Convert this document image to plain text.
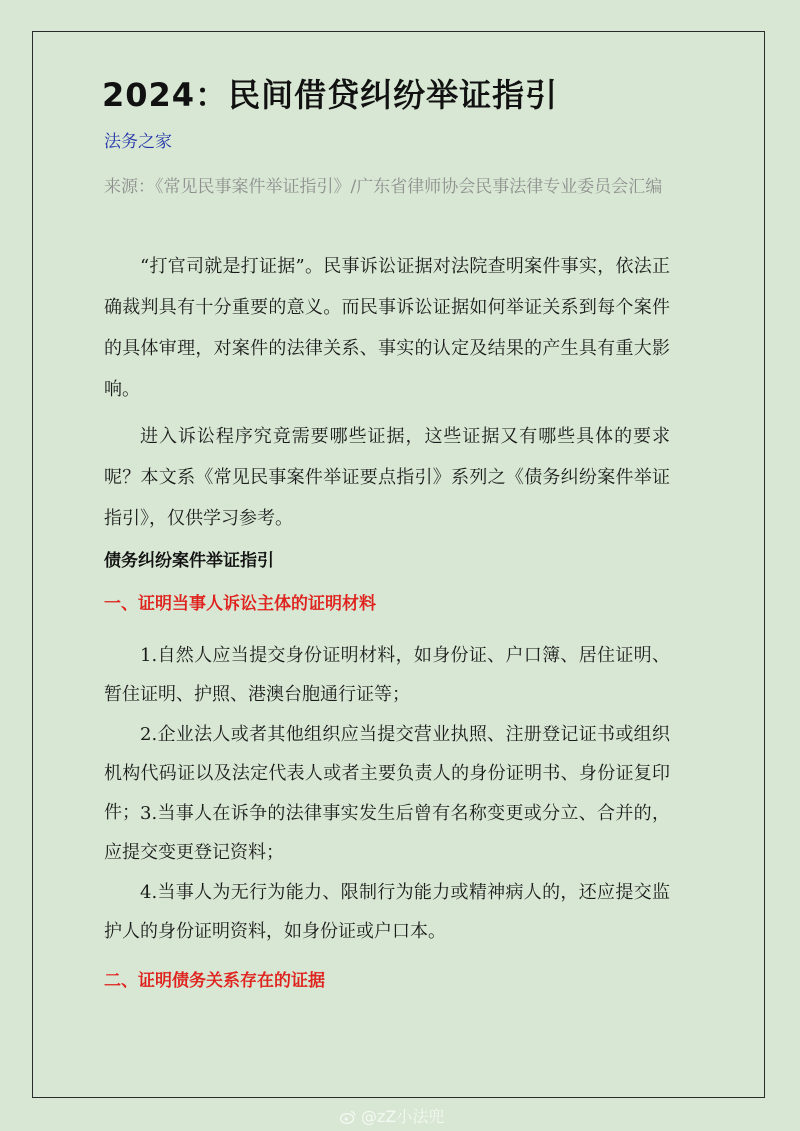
2024：民间借贷纠纷举证指引
法务之家
来源：《常见民事案件举证指引》/广东省律师协会民事法律专业委员会汇编

“打官司就是打证据”。民事诉讼证据对法院查明案件事实，依法正确裁判具有十分重要的意义。而民事诉讼证据如何举证关系到每个案件的具体审理，对案件的法律关系、事实的认定及结果的产生具有重大影响。

进入诉讼程序究竟需要哪些证据，这些证据又有哪些具体的要求呢？本文系《常见民事案件举证要点指引》系列之《债务纠纷案件举证指引》，仅供学习参考。

债务纠纷案件举证指引
一、证明当事人诉讼主体的证明材料

1.自然人应当提交身份证明材料，如身份证、户口簿、居住证明、暂住证明、护照、港澳台胞通行证等；

2.企业法人或者其他组织应当提交营业执照、注册登记证书或组织机构代码证以及法定代表人或者主要负责人的身份证明书、身份证复印件； 3.当事人在诉争的法律事实发生后曾有名称变更或分立、合并的，应提交变更登记资料；

4.当事人为无行为能力、限制行为能力或精神病人的，还应提交监护人的身份证明资料，如身份证或户口本。

二、证明债务关系存在的证据
@zZ小法兜
